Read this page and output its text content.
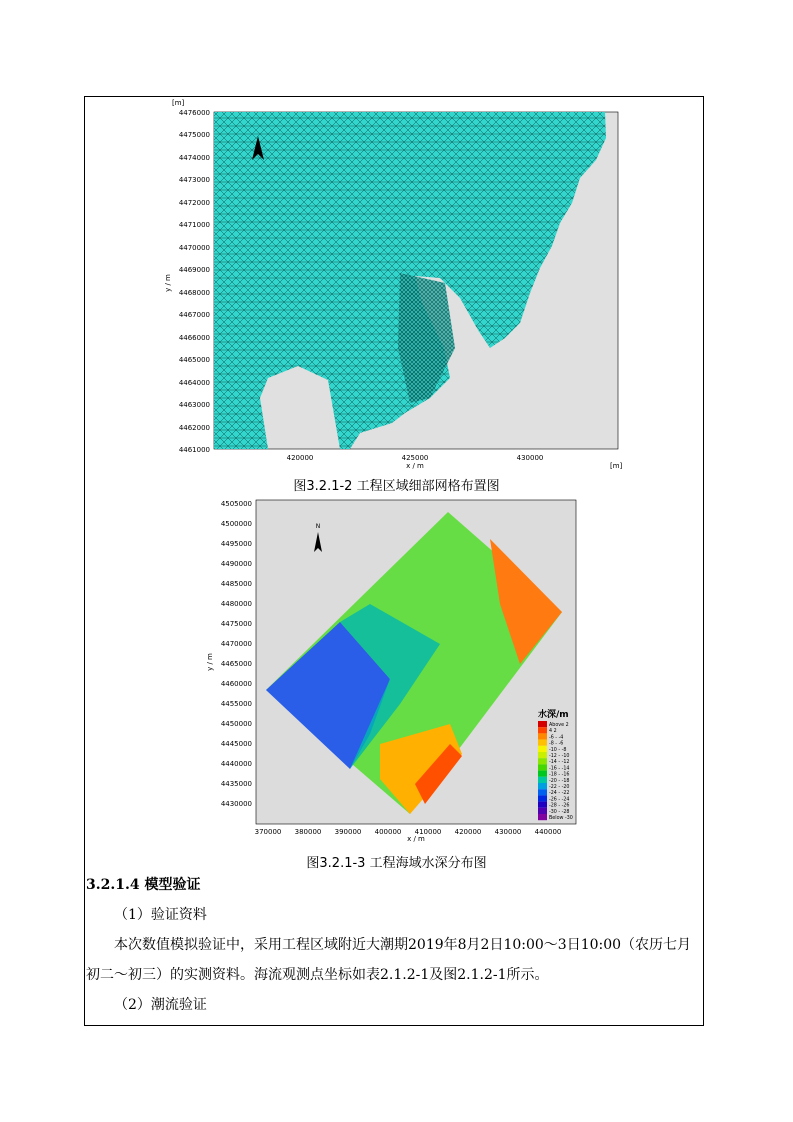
[m]
4476000
4475000
4474000
4473000
4472000
4471000
4470000
4469000
4468000
4467000
4466000
4465000
4464000
4463000
4462000
4461000
y / m
420000	425000	430000
x / m	[m]
图3.2.1-2 工程区域细部网格布置图
N
4505000
4500000
4495000
4490000
4485000
4480000
4475000
4470000
4465000
4460000
4455000
4450000
4445000
4440000
4435000
4430000
y / m
370000 380000 390000 400000 410000 420000 430000 440000
x / m
水深/m
Above 2
4 2
-6 - -4
-8 - -6
-10 - -8
-12 - -10
-14 - -12
-16 - -14
-18 - -16
-20 - -18
-22 - -20
-24 - -22
-26 - -24
-28 - -26
-30 - -28
Below -30
图3.2.1-3 工程海域水深分布图
3.2.1.4 模型验证
（1）验证资料
本次数值模拟验证中，采用工程区域附近大潮期2019年8月2日10:00～3日10:00（农历七月初二～初三）的实测资料。海流观测点坐标如表2.1.2-1及图2.1.2-1所示。
（2）潮流验证
